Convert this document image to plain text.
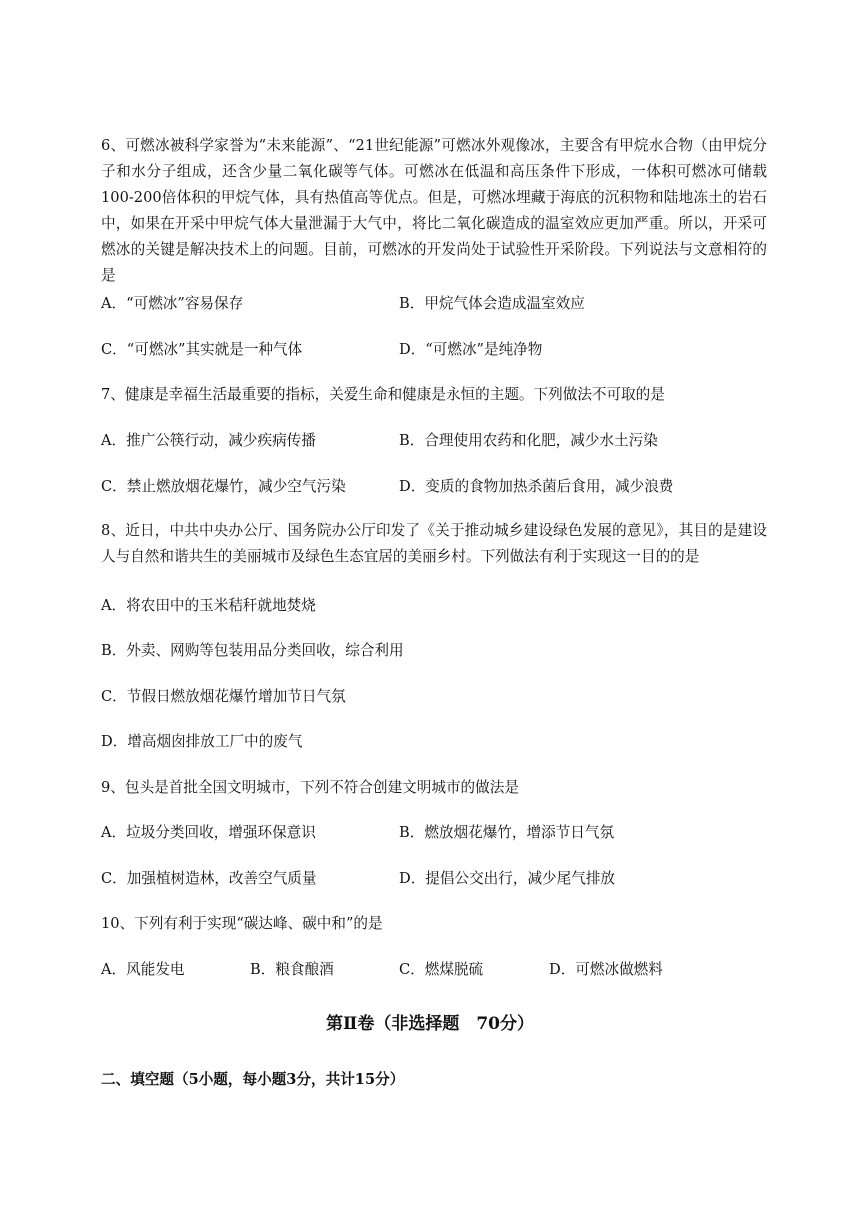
6、可燃冰被科学家誉为“未来能源”、“21世纪能源”可燃冰外观像冰，主要含有甲烷水合物（由甲烷分子和水分子组成，还含少量二氧化碳等气体。可燃冰在低温和高压条件下形成，一体积可燃冰可储载100-200倍体积的甲烷气体，具有热值高等优点。但是，可燃冰埋藏于海底的沉积物和陆地冻土的岩石中，如果在开采中甲烷气体大量泄漏于大气中，将比二氧化碳造成的温室效应更加严重。所以，开采可燃冰的关键是解决技术上的问题。目前，可燃冰的开发尚处于试验性开采阶段。下列说法与文意相符的是

A．“可燃冰”容易保存	B．甲烷气体会造成温室效应
C．“可燃冰”其实就是一种气体	D．“可燃冰”是纯净物
7、健康是幸福生活最重要的指标，关爱生命和健康是永恒的主题。下列做法不可取的是
A．推广公筷行动，减少疾病传播	B．合理使用农药和化肥，减少水土污染
C．禁止燃放烟花爆竹，减少空气污染	D．变质的食物加热杀菌后食用，减少浪费

8、近日，中共中央办公厅、国务院办公厅印发了《关于推动城乡建设绿色发展的意见》，其目的是建设人与自然和谐共生的美丽城市及绿色生态宜居的美丽乡村。下列做法有利于实现这一目的的是

A．将农田中的玉米秸秆就地焚烧
B．外卖、网购等包装用品分类回收，综合利用
C．节假日燃放烟花爆竹增加节日气氛
D．增高烟囱排放工厂中的废气
9、包头是首批全国文明城市，下列不符合创建文明城市的做法是
A．垃圾分类回收，增强环保意识	B．燃放烟花爆竹，增添节日气氛
C．加强植树造林，改善空气质量	D．提倡公交出行，减少尾气排放
10、下列有利于实现“碳达峰、碳中和”的是
A．风能发电	B．粮食酿酒	C．燃煤脱硫	D．可燃冰做燃料
第Ⅱ卷（非选择题　70分）
二、填空题（5小题，每小题3分，共计15分）
